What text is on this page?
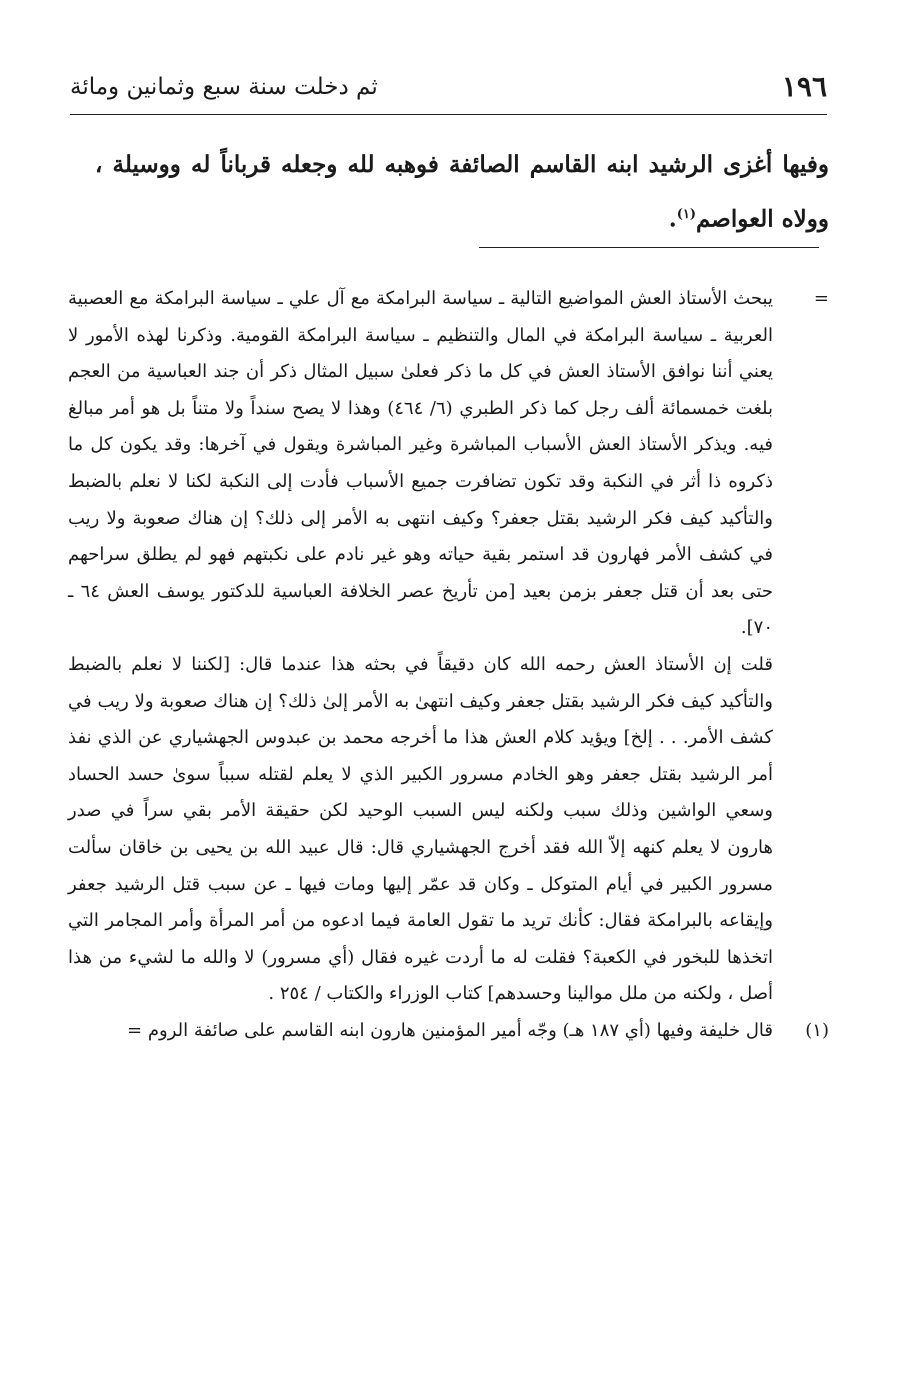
١٩٦
ثم دخلت سنة سبع وثمانين ومائة
وفيها أغزى الرشيد ابنه القاسم الصائفة فوهبه لله وجعله قرباناً له ووسيلة ، وولاه العواصم$^{(١)}$.

=
يبحث الأستاذ العش المواضيع التالية ـ سياسة البرامكة مع آل علي ـ سياسة البرامكة مع العصبية العربية ـ سياسة البرامكة في المال والتنظيم ـ سياسة البرامكة القومية. وذكرنا لهذه الأمور لا يعني أننا نوافق الأستاذ العش في كل ما ذكر فعلىٰ سبيل المثال ذكر أن جند العباسية من العجم بلغت خمسمائة ألف رجل كما ذكر الطبري (٦/ ٤٦٤) وهذا لا يصح سنداً ولا متناً بل هو أمر مبالغ فيه. ويذكر الأستاذ العش الأسباب المباشرة وغير المباشرة ويقول في آخرها: وقد يكون كل ما ذكروه ذا أثر في النكبة وقد تكون تضافرت جميع الأسباب فأدت إلى النكبة لكنا لا نعلم بالضبط والتأكيد كيف فكر الرشيد بقتل جعفر؟ وكيف انتهى به الأمر إلى ذلك؟ إن هناك صعوبة ولا ريب في كشف الأمر فهارون قد استمر بقية حياته وهو غير نادم على نكبتهم فهو لم يطلق سراحهم حتى بعد أن قتل جعفر بزمن بعيد [من تأريخ عصر الخلافة العباسية للدكتور يوسف العش ٦٤ ـ ٧٠].

قلت إن الأستاذ العش رحمه الله كان دقيقاً في بحثه هذا عندما قال: [لكننا لا نعلم بالضبط والتأكيد كيف فكر الرشيد بقتل جعفر وكيف انتهىٰ به الأمر إلىٰ ذلك؟ إن هناك صعوبة ولا ريب في كشف الأمر. . . إلخ] ويؤيد كلام العش هذا ما أخرجه محمد بن عبدوس الجهشياري عن الذي نفذ أمر الرشيد بقتل جعفر وهو الخادم مسرور الكبير الذي لا يعلم لقتله سبباً سوىٰ حسد الحساد وسعي الواشين وذلك سبب ولكنه ليس السبب الوحيد لكن حقيقة الأمر بقي سراً في صدر هارون لا يعلم كنهه إلاّ الله فقد أخرج الجهشياري قال: قال عبيد الله بن يحيى بن خاقان سألت مسرور الكبير في أيام المتوكل ـ وكان قد عمّر إليها ومات فيها ـ عن سبب قتل الرشيد جعفر وإيقاعه بالبرامكة فقال: كأنك تريد ما تقول العامة فيما ادعوه من أمر المرأة وأمر المجامر التي اتخذها للبخور في الكعبة؟ فقلت له ما أردت غيره فقال (أي مسرور) لا والله ما لشيء من هذا أصل ، ولكنه من ملل موالينا وحسدهم] كتاب الوزراء والكتاب / ٢٥٤ .

(١)
قال خليفة وفيها (أي ١٨٧ هـ) وجّه أمير المؤمنين هارون ابنه القاسم على صائفة الروم =
